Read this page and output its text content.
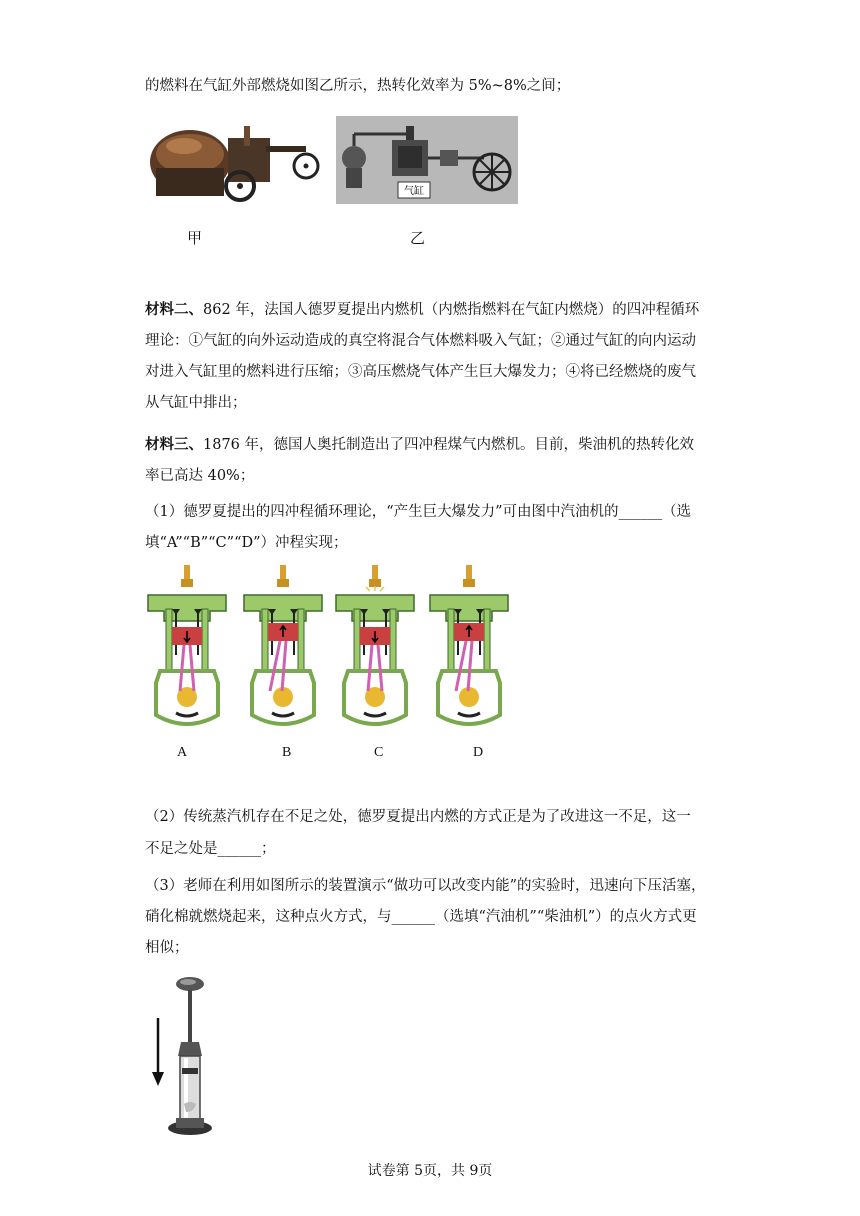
的燃料在气缸外部燃烧如图乙所示，热转化效率为 5%~8%之间；
气缸
甲	乙
材料二、862 年，法国人德罗夏提出内燃机（内燃指燃料在气缸内燃烧）的四冲程循环
理论：①气缸的向外运动造成的真空将混合气体燃料吸入气缸；②通过气缸的向内运动
对进入气缸里的燃料进行压缩；③高压燃烧气体产生巨大爆发力；④将已经燃烧的废气
从气缸中排出；
材料三、1876 年，德国人奥托制造出了四冲程煤气内燃机。目前，柴油机的热转化效
率已高达 40%；
（1）德罗夏提出的四冲程循环理论，“产生巨大爆发力”可由图中汽油机的______（选
填“A”“B”“C”“D”）冲程实现；
A	B	C	D
（2）传统蒸汽机存在不足之处，德罗夏提出内燃的方式正是为了改进这一不足，这一
不足之处是______；
（3）老师在利用如图所示的装置演示“做功可以改变内能”的实验时，迅速向下压活塞，
硝化棉就燃烧起来，这种点火方式，与______（选填“汽油机”“柴油机”）的点火方式更
相似；
试卷第 5页，共 9页
